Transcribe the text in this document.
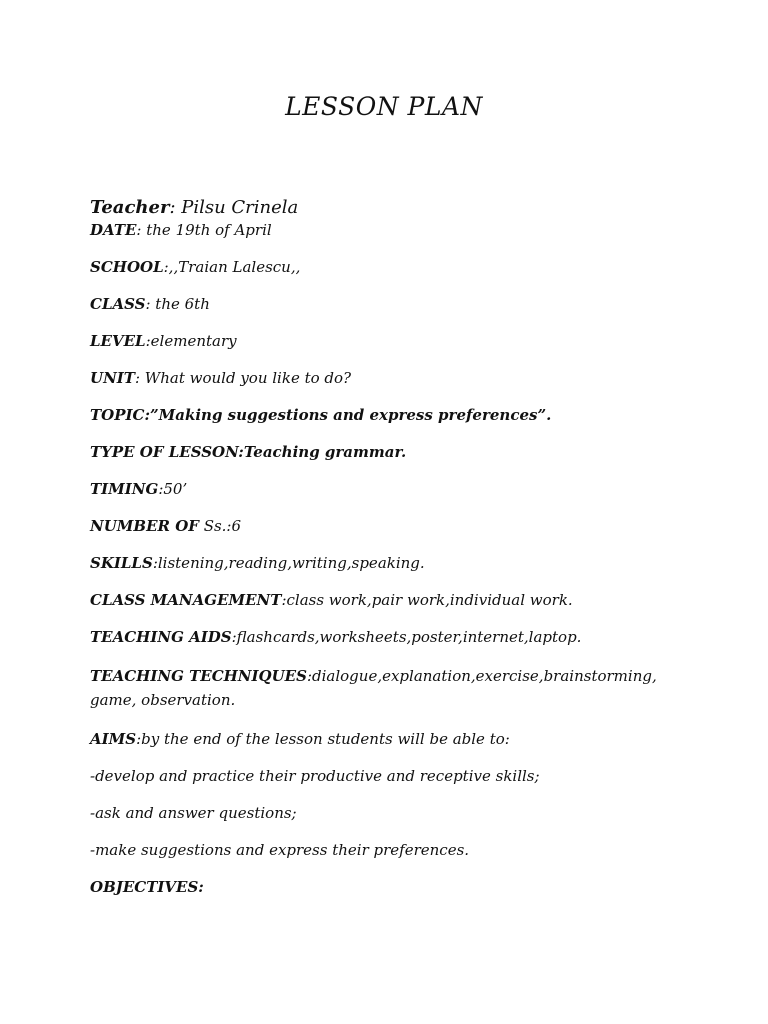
LESSON PLAN
Teacher: Pilsu Crinela
DATE: the 19th of April
SCHOOL:,,Traian Lalescu,,
CLASS: the 6th
LEVEL:elementary
UNIT: What would you like to do?
TOPIC:”Making suggestions and express preferences”.
TYPE OF LESSON:Teaching grammar.
TIMING:50’
NUMBER OF Ss.:6
SKILLS:listening,reading,writing,speaking.
CLASS MANAGEMENT:class work,pair work,individual work.
TEACHING AIDS:flashcards,worksheets,poster,internet,laptop.
TEACHING TECHNIQUES:dialogue,explanation,exercise,brainstorming, game, observation.
AIMS:by the end of the lesson students will be able to:
-develop and practice their productive and receptive skills;
-ask and answer questions;
-make suggestions and express their preferences.
OBJECTIVES:
